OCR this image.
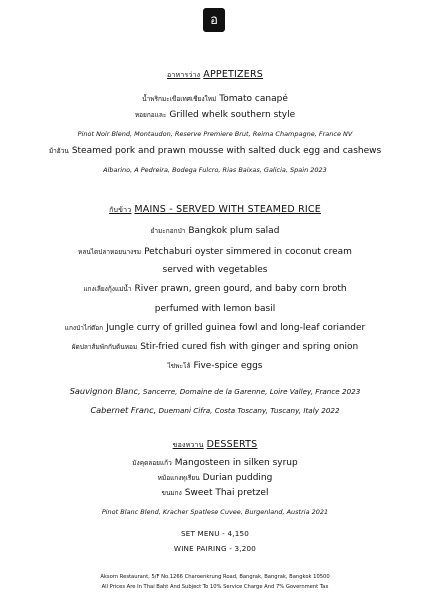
อ
อาหารว่าง APPETIZERS
น้ำพริกมะเขือเทศเชียงใหม่ Tomato canapé
หอยกอและ Grilled whelk southern style
Pinot Noir Blend, Montaudon, Reserve Premiere Brut, Reima Champagne, France NV
ม้าฮ้วน Steamed pork and prawn mousse with salted duck egg and cashews
Albarino, A Pedreira, Bodega Fulcro, Rias Baixas, Galicia, Spain 2023
กับข้าว MAINS - SERVED WITH STEAMED RICE
ยำมะกอกป่า Bangkok plum salad
หลนไตปลาหอยนางรม Petchaburi oyster simmered in coconut cream
served with vegetables
แกงเลียงกุ้งแม่น้ำ River prawn, green gourd, and baby corn broth
perfumed with lemon basil
แกงป่าไก่ต๊อก Jungle curry of grilled guinea fowl and long-leaf coriander
ผัดปลาส้มพักกับต้นหอม Stir-fried cured fish with ginger and spring onion
ไข่พะโล้ Five-spice eggs
Sauvignon Blanc, Sancerre, Domaine de la Garenne, Loire Valley, France 2023
Cabernet Franc, Duemani Cifra, Costa Toscany, Tuscany, Italy 2022
ของหวาน DESSERTS
มังคุดลอยแก้ว Mangosteen in silken syrup
หม้อแกงทุเรียน Durian pudding
ขนมกง Sweet Thai pretzel
Pinot Blanc Blend, Kracher Spatlese Cuvee, Burgenland, Austria 2021
SET MENU - 4,150
WINE PAIRING - 3,200
Aksorn Restaurant, 5/F No.1266 Charoenkrung Road, Bangrak, Bangrak, Bangkok 10500
All Prices Are In Thai Baht And Subject To 10% Service Charge And 7% Government Tax
